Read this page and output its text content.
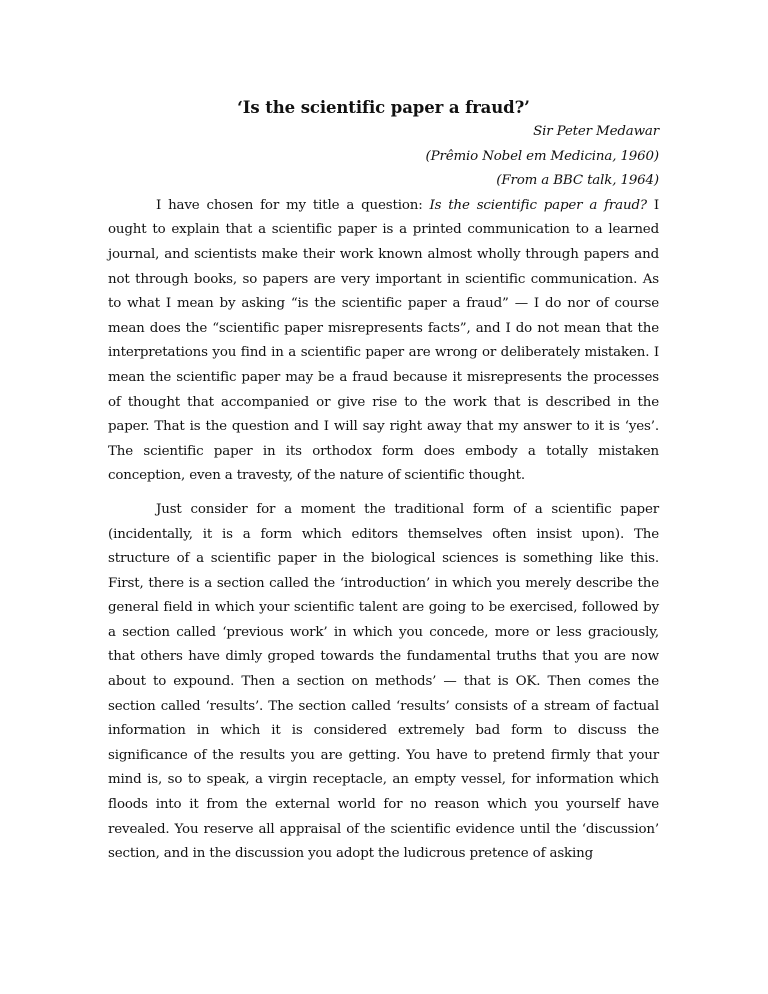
‘Is the scientific paper a fraud?’

Sir Peter Medawar

(Prêmio Nobel em Medicina, 1960)

(From a BBC talk, 1964)

I have chosen for my title a question: Is the scientific paper a fraud? I ought to explain that a scientific paper is a printed communication to a learned journal, and scientists make their work known almost wholly through papers and not through books, so papers are very important in scientific communication. As to what I mean by asking “is the scientific paper a fraud” — I do nor of course mean does the “scientific paper misrepresents facts”, and I do not mean that the interpretations you find in a scientific paper are wrong or deliberately mistaken. I mean the scientific paper may be a fraud because it misrepresents the processes of thought that accompanied or give rise to the work that is described in the paper. That is the question and I will say right away that my answer to it is ‘yes’. The scientific paper in its orthodox form does embody a totally mistaken conception, even a travesty, of the nature of scientific thought.

Just consider for a moment the traditional form of a scientific paper (incidentally, it is a form which editors themselves often insist upon). The structure of a scientific paper in the biological sciences is something like this. First, there is a section called the ‘introduction’ in which you merely describe the general field in which your scientific talent are going to be exercised, followed by a section called ‘previous work’ in which you concede, more or less graciously, that others have dimly groped towards the fundamental truths that you are now about to expound. Then a section on methods’ — that is OK. Then comes the section called ‘results’. The section called ‘results’ consists of a stream of factual information in which it is considered extremely bad form to discuss the significance of the results you are getting. You have to pretend firmly that your mind is, so to speak, a virgin receptacle, an empty vessel, for information which floods into it from the external world for no reason which you yourself have revealed. You reserve all appraisal of the scientific evidence until the ‘discussion’ section, and in the discussion you adopt the ludicrous pretence of asking
